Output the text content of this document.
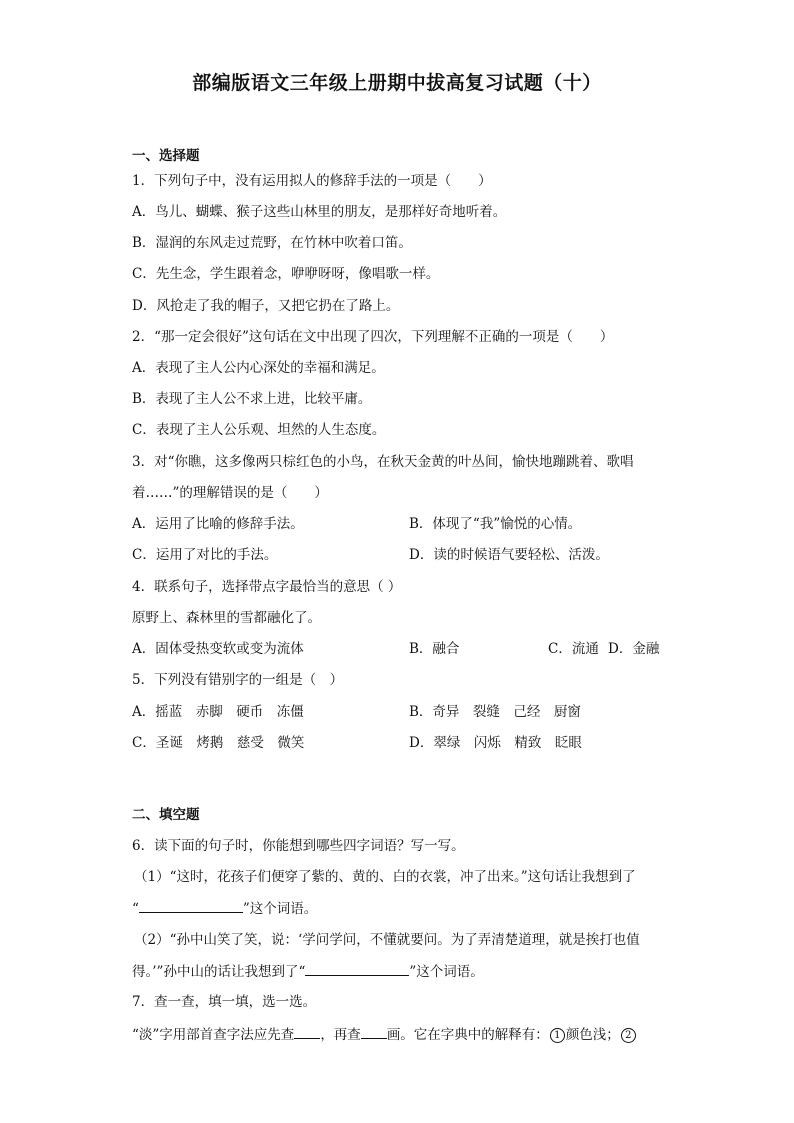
部编版语文三年级上册期中拔高复习试题（十）
一、选择题
1．下列句子中，没有运用拟人的修辞手法的一项是（　　）
A．鸟儿、蝴蝶、猴子这些山林里的朋友，是那样好奇地听着。
B．湿润的东风走过荒野，在竹林中吹着口笛。
C．先生念，学生跟着念，咿咿呀呀，像唱歌一样。
D．风抢走了我的帽子，又把它扔在了路上。
2．“那一定会很好”这句话在文中出现了四次，下列理解不正确的一项是（　　）
A．表现了主人公内心深处的幸福和满足。
B．表现了主人公不求上进，比较平庸。
C．表现了主人公乐观、坦然的人生态度。
3．对“你瞧，这多像两只棕红色的小鸟，在秋天金黄的叶丛间，愉快地蹦跳着、歌唱
着……”的理解错误的是（　　）
A．运用了比喻的修辞手法。	B．体现了“我”愉悦的心情。
C．运用了对比的手法。	D．读的时候语气要轻松、活泼。
4．联系句子，选择带点字最恰当的意思（ ）
原野上、森林里的雪都融化了。
A．固体受热变软或变为流体	B．融合	C．流通 D．金融
5．下列没有错别字的一组是（　）
A．摇蓝　赤脚　硬币　冻僵	B．奇异　裂缝　己经　厨窗
C．圣诞　烤鹅　慈受　微笑	D．翠绿　闪烁　精致　眨眼
二、填空题
6．读下面的句子时，你能想到哪些四字词语？写一写。
（1）“这时，花孩子们便穿了紫的、黄的、白的衣裳，冲了出来。”这句话让我想到了
“	”这个词语。
（2）“孙中山笑了笑，说：‘学问学问，不懂就要问。为了弄清楚道理，就是挨打也值
得。’”孙中山的话让我想到了“	”这个词语。
7．查一查，填一填，选一选。
“淡”字用部首查字法应先查 ，再查 画。它在字典中的解释有： 1 颜色浅； 2
